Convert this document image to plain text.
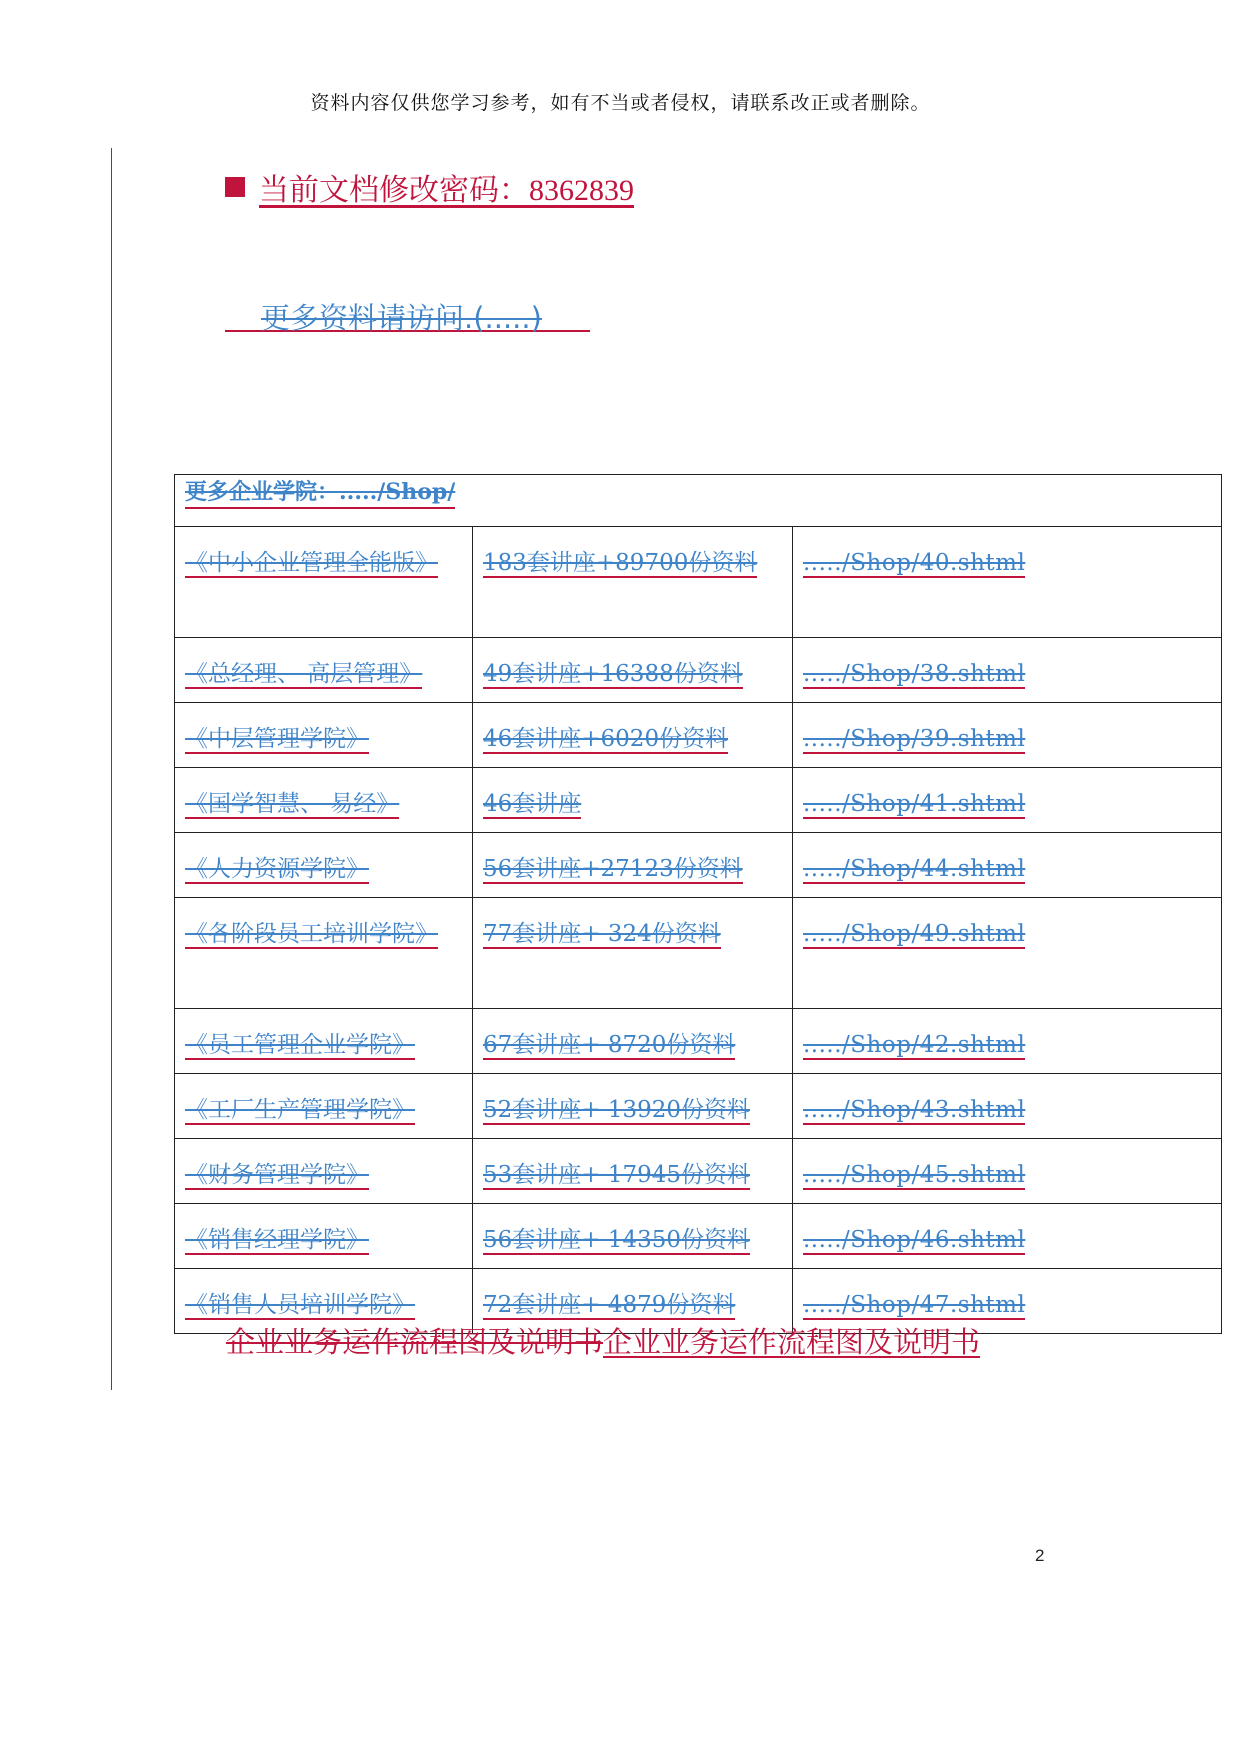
资料内容仅供您学习参考，如有不当或者侵权，请联系改正或者删除。
当前文档修改密码：8362839
更多资料请访问.(.....)
更多企业学院：...../Shop/		
《中小企业管理全能版》	183套讲座+89700份资料	...../Shop/40.shtml
《总经理、 高层管理》	49套讲座+16388份资料	...../Shop/38.shtml
《中层管理学院》	46套讲座+6020份资料	...../Shop/39.shtml
《国学智慧、 易经》	46套讲座	...../Shop/41.shtml
《人力资源学院》	56套讲座+27123份资料	...../Shop/44.shtml
《各阶段员工培训学院》	77套讲座+ 324份资料	...../Shop/49.shtml
《员工管理企业学院》	67套讲座+ 8720份资料	...../Shop/42.shtml
《工厂生产管理学院》	52套讲座+ 13920份资料	...../Shop/43.shtml
《财务管理学院》	53套讲座+ 17945份资料	...../Shop/45.shtml
《销售经理学院》	56套讲座+ 14350份资料	...../Shop/46.shtml
《销售人员培训学院》	72套讲座+ 4879份资料	...../Shop/47.shtml
企业业务运作流程图及说明书企业业务运作流程图及说明书
2
